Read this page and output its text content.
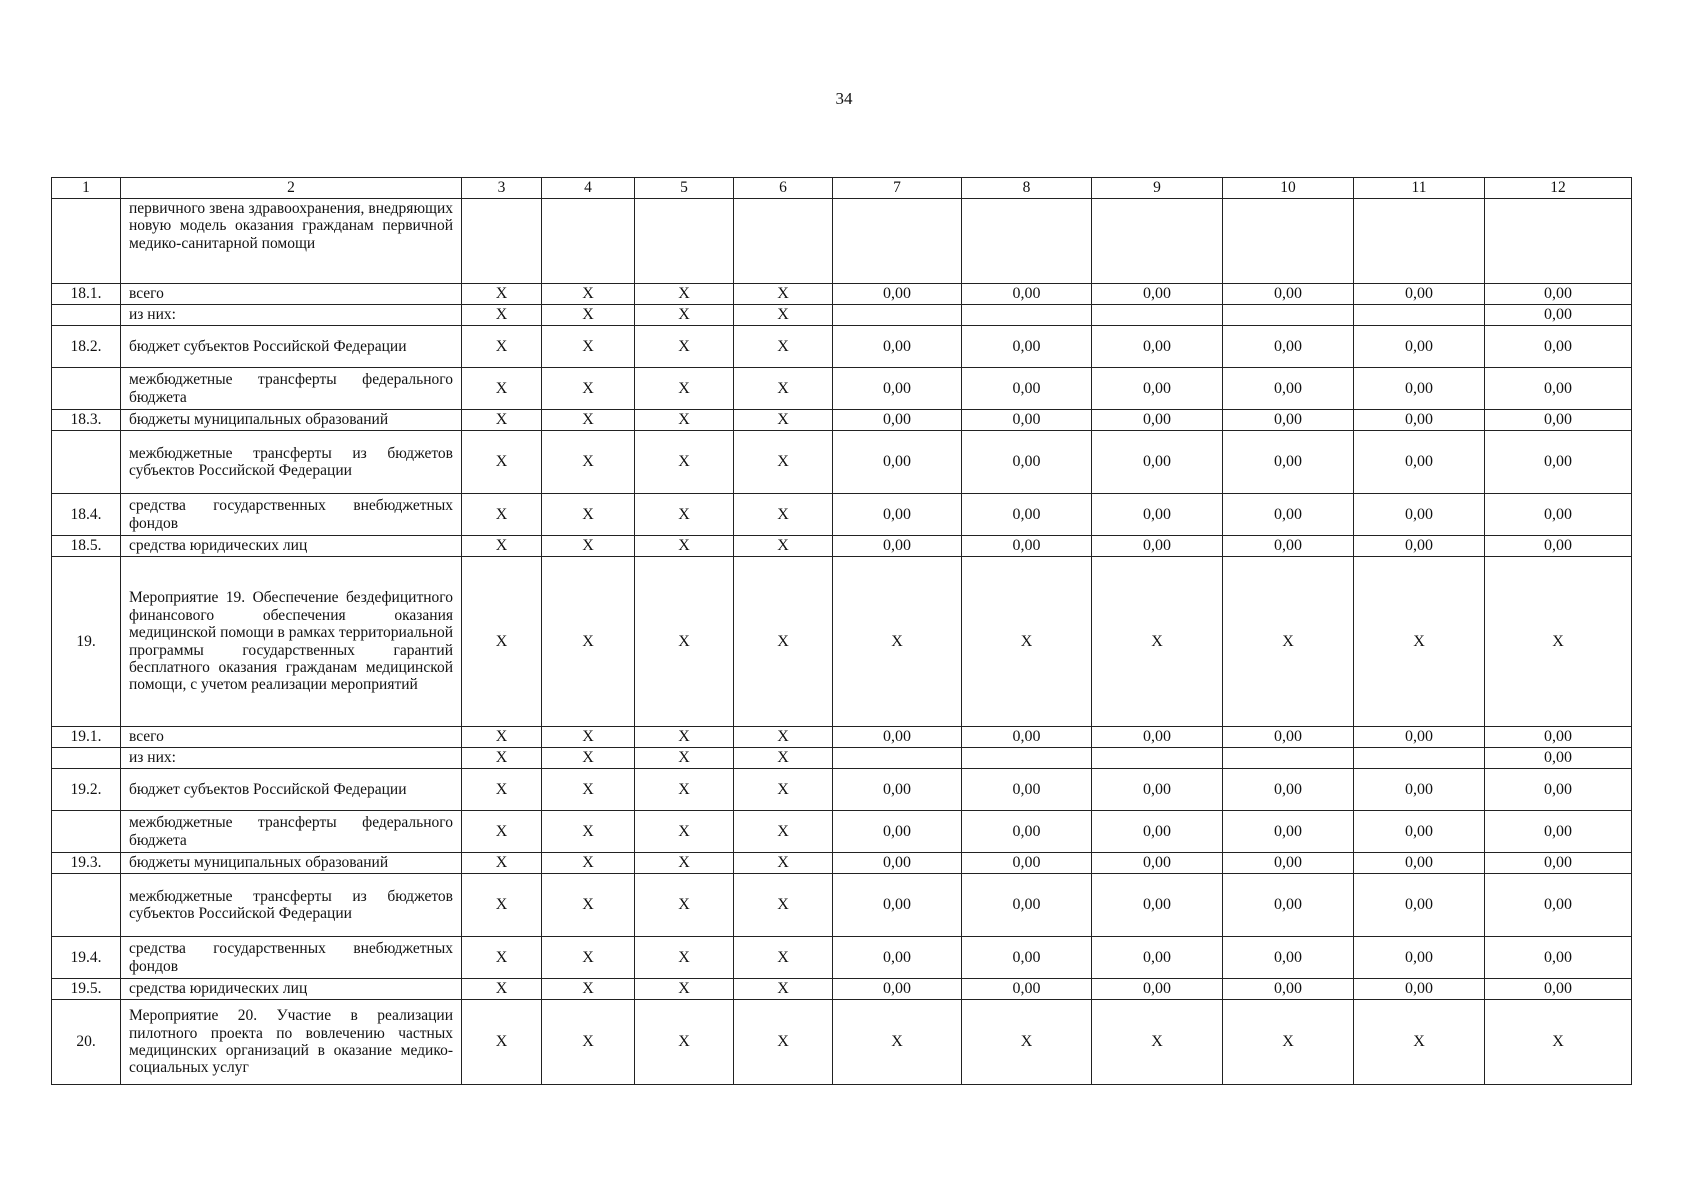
34
1	2	3	4	5	6	7	8	9	10	11	12
	первичного звена здравоохранения, внедряющих новую модель оказания гражданам первичной медико-санитарной помощи										
18.1.	всего	X	X	X	X	0,00	0,00	0,00	0,00	0,00	0,00
	из них:	X	X	X	X						0,00
18.2.	бюджет субъектов Российской Федерации	X	X	X	X	0,00	0,00	0,00	0,00	0,00	0,00
	межбюджетные трансферты федерального бюджета	X	X	X	X	0,00	0,00	0,00	0,00	0,00	0,00
18.3.	бюджеты муниципальных образований	X	X	X	X	0,00	0,00	0,00	0,00	0,00	0,00
	межбюджетные трансферты из бюджетов субъектов Российской Федерации	X	X	X	X	0,00	0,00	0,00	0,00	0,00	0,00
18.4.	средства государственных внебюджетных фондов	X	X	X	X	0,00	0,00	0,00	0,00	0,00	0,00
18.5.	средства юридических лиц	X	X	X	X	0,00	0,00	0,00	0,00	0,00	0,00
19.	Мероприятие 19. Обеспечение бездефицитного финансового обеспечения оказания медицинской помощи в рамках территориальной программы государственных гарантий бесплатного оказания гражданам медицинской помощи, с учетом реализации мероприятий	X	X	X	X	X	X	X	X	X	X
19.1.	всего	X	X	X	X	0,00	0,00	0,00	0,00	0,00	0,00
	из них:	X	X	X	X						0,00
19.2.	бюджет субъектов Российской Федерации	X	X	X	X	0,00	0,00	0,00	0,00	0,00	0,00
	межбюджетные трансферты федерального бюджета	X	X	X	X	0,00	0,00	0,00	0,00	0,00	0,00
19.3.	бюджеты муниципальных образований	X	X	X	X	0,00	0,00	0,00	0,00	0,00	0,00
	межбюджетные трансферты из бюджетов субъектов Российской Федерации	X	X	X	X	0,00	0,00	0,00	0,00	0,00	0,00
19.4.	средства государственных внебюджетных фондов	X	X	X	X	0,00	0,00	0,00	0,00	0,00	0,00
19.5.	средства юридических лиц	X	X	X	X	0,00	0,00	0,00	0,00	0,00	0,00
20.	Мероприятие 20. Участие в реализации пилотного проекта по вовлечению частных медицинских организаций в оказание медико-социальных услуг	X	X	X	X	X	X	X	X	X	X
